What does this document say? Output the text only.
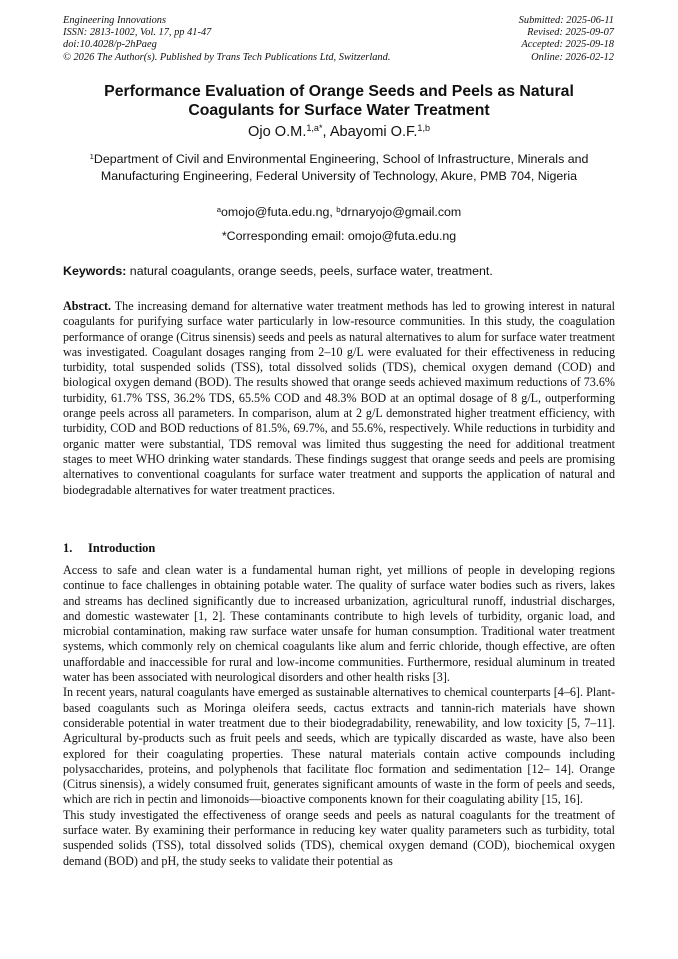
Engineering Innovations
ISSN: 2813-1002, Vol. 17, pp 41-47
doi:10.4028/p-2hPaeg
© 2026 The Author(s). Published by Trans Tech Publications Ltd, Switzerland.
Submitted: 2025-06-11
Revised: 2025-09-07
Accepted: 2025-09-18
Online: 2026-02-12
Performance Evaluation of Orange Seeds and Peels as Natural Coagulants for Surface Water Treatment
Ojo O.M.$^{1,a*}$, Abayomi O.F.$^{1,b}$
$^1$Department of Civil and Environmental Engineering, School of Infrastructure, Minerals and Manufacturing Engineering, Federal University of Technology, Akure, PMB 704, Nigeria
$^a$omojo@futa.edu.ng, $^b$drnaryojo@gmail.com
*Corresponding email: omojo@futa.edu.ng
Keywords: natural coagulants, orange seeds, peels, surface water, treatment.

Abstract. The increasing demand for alternative water treatment methods has led to growing interest in natural coagulants for purifying surface water particularly in low-resource communities. In this study, the coagulation performance of orange (Citrus sinensis) seeds and peels as natural alternatives to alum for surface water treatment was investigated. Coagulant dosages ranging from 2–10 g/L were evaluated for their effectiveness in reducing turbidity, total suspended solids (TSS), total dissolved solids (TDS), chemical oxygen demand (COD) and biological oxygen demand (BOD). The results showed that orange seeds achieved maximum reductions of 73.6% turbidity, 61.7% TSS, 36.2% TDS, 65.5% COD and 48.3% BOD at an optimal dosage of 8 g/L, outperforming orange peels across all parameters. In comparison, alum at 2 g/L demonstrated higher treatment efficiency, with turbidity, COD and BOD reductions of 81.5%, 69.7%, and 55.6%, respectively. While reductions in turbidity and organic matter were substantial, TDS removal was limited thus suggesting the need for additional treatment stages to meet WHO drinking water standards. These findings suggest that orange seeds and peels are promising alternatives to conventional coagulants for surface water treatment and supports the application of natural and biodegradable alternatives for water treatment practices.

1. Introduction

Access to safe and clean water is a fundamental human right, yet millions of people in developing regions continue to face challenges in obtaining potable water. The quality of surface water bodies such as rivers, lakes and streams has declined significantly due to increased urbanization, agricultural runoff, industrial discharges, and domestic wastewater [1, 2]. These contaminants contribute to high levels of turbidity, organic load, and microbial contamination, making raw surface water unsafe for human consumption. Traditional water treatment systems, which commonly rely on chemical coagulants like alum and ferric chloride, though effective, are often unaffordable and inaccessible for rural and low-income communities. Furthermore, residual aluminum in treated water has been associated with neurological disorders and other health risks [3].

In recent years, natural coagulants have emerged as sustainable alternatives to chemical counterparts [4–6]. Plant-based coagulants such as Moringa oleifera seeds, cactus extracts and tannin-rich materials have shown considerable potential in water treatment due to their biodegradability, renewability, and low toxicity [5, 7–11]. Agricultural by-products such as fruit peels and seeds, which are typically discarded as waste, have also been explored for their coagulating properties. These natural materials contain active compounds including polysaccharides, proteins, and polyphenols that facilitate floc formation and sedimentation [12– 14]. Orange (Citrus sinensis), a widely consumed fruit, generates significant amounts of waste in the form of peels and seeds, which are rich in pectin and limonoids—bioactive components known for their coagulating ability [15, 16].

This study investigated the effectiveness of orange seeds and peels as natural coagulants for the treatment of surface water. By examining their performance in reducing key water quality parameters such as turbidity, total suspended solids (TSS), total dissolved solids (TDS), chemical oxygen demand (COD), biochemical oxygen demand (BOD) and pH, the study seeks to validate their potential as
